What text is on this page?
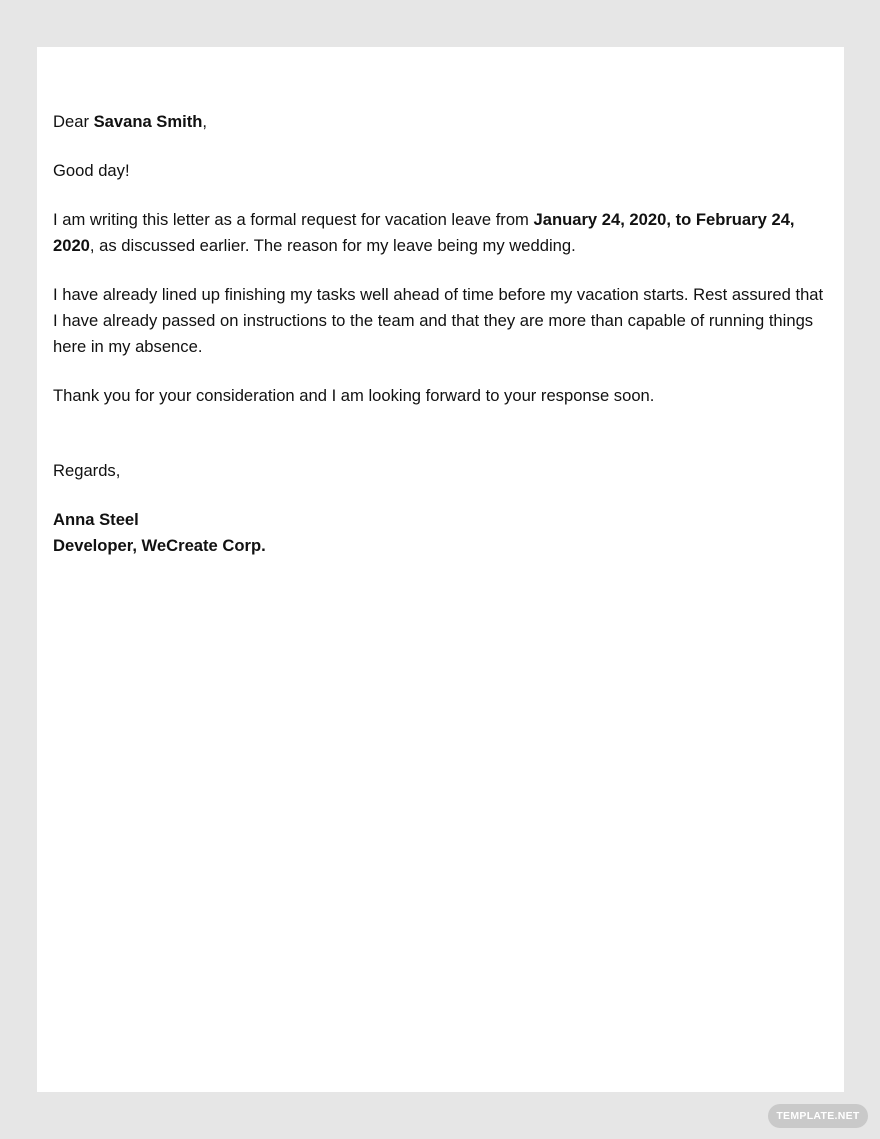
Dear Savana Smith,

Good day!

I am writing this letter as a formal request for vacation leave from January 24, 2020, to February 24, 2020, as discussed earlier. The reason for my leave being my wedding.

I have already lined up finishing my tasks well ahead of time before my vacation starts. Rest assured that I have already passed on instructions to the team and that they are more than capable of running things here in my absence.

Thank you for your consideration and I am looking forward to your response soon.

Regards,

Anna Steel

Developer, WeCreate Corp.

TEMPLATE.NET
